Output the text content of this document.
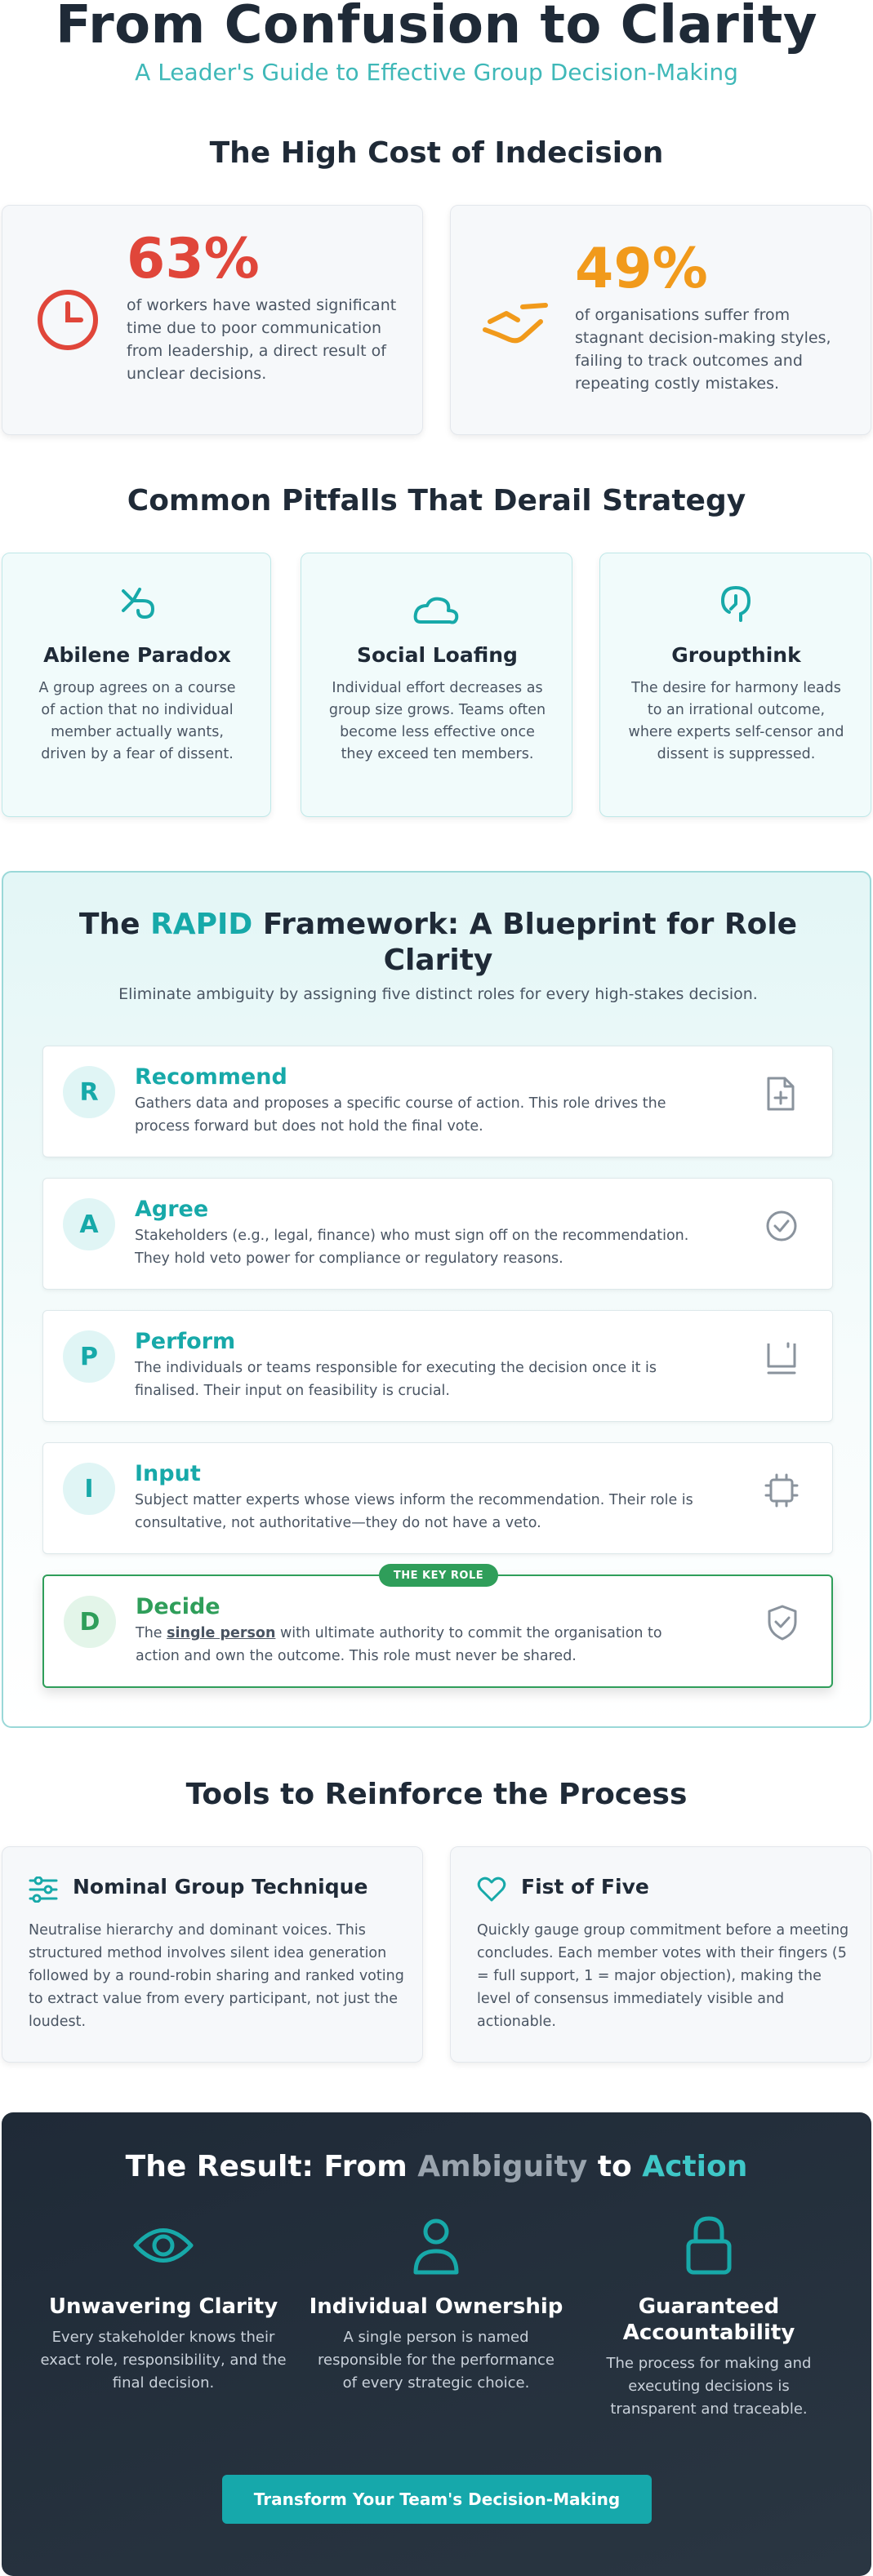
From Confusion to Clarity
A Leader's Guide to Effective Group Decision-Making
The High Cost of Indecision
63%
of workers have wasted significant time due to poor communication from leadership, a direct result of unclear decisions.
49%
of organisations suffer from stagnant decision-making styles, failing to track outcomes and repeating costly mistakes.
Common Pitfalls That Derail Strategy
Abilene Paradox
A group agrees on a course of action that no individual member actually wants, driven by a fear of dissent.
Social Loafing
Individual effort decreases as group size grows. Teams often become less effective once they exceed ten members.
Groupthink
The desire for harmony leads to an irrational outcome, where experts self-censor and dissent is suppressed.
The RAPID Framework: A Blueprint for Role Clarity
Eliminate ambiguity by assigning five distinct roles for every high-stakes decision.
R
Recommend
Gathers data and proposes a specific course of action. This role drives the process forward but does not hold the final vote.
A
Agree
Stakeholders (e.g., legal, finance) who must sign off on the recommendation. They hold veto power for compliance or regulatory reasons.
P
Perform
The individuals or teams responsible for executing the decision once it is finalised. Their input on feasibility is crucial.
I
Input
Subject matter experts whose views inform the recommendation. Their role is consultative, not authoritative—they do not have a veto.
THE KEY ROLE
D
Decide
The single person with ultimate authority to commit the organisation to action and own the outcome. This role must never be shared.
Tools to Reinforce the Process
Nominal Group Technique
Neutralise hierarchy and dominant voices. This structured method involves silent idea generation followed by a round-robin sharing and ranked voting to extract value from every participant, not just the loudest.
Fist of Five
Quickly gauge group commitment before a meeting concludes. Each member votes with their fingers (5 = full support, 1 = major objection), making the level of consensus immediately visible and actionable.
The Result: From Ambiguity to Action
Unwavering Clarity
Every stakeholder knows their exact role, responsibility, and the final decision.
Individual Ownership
A single person is named responsible for the performance of every strategic choice.
Guaranteed Accountability
The process for making and executing decisions is transparent and traceable.
Transform Your Team's Decision-Making
